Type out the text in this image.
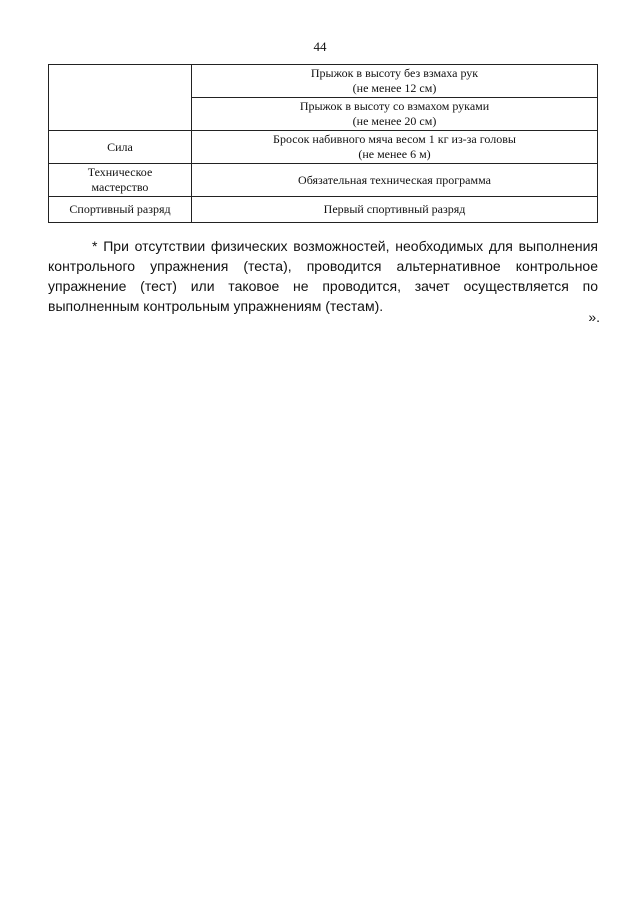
44

	Прыжок в высоту без взмаха рук
(не менее 12 см)

	Прыжок в высоту со взмахом руками
(не менее 20 см)

Сила	Бросок набивного мяча весом 1 кг из-за головы
(не менее 6 м)

Техническое
мастерство	Обязательная техническая программа
Спортивный разряд	Первый спортивный разряд

* При отсутствии физических возможностей, необходимых для выполнения контрольного упражнения (теста), проводится альтернативное контрольное упражнение (тест) или таковое не проводится, зачет осуществляется по выполненным контрольным упражнениям (тестам).

».
